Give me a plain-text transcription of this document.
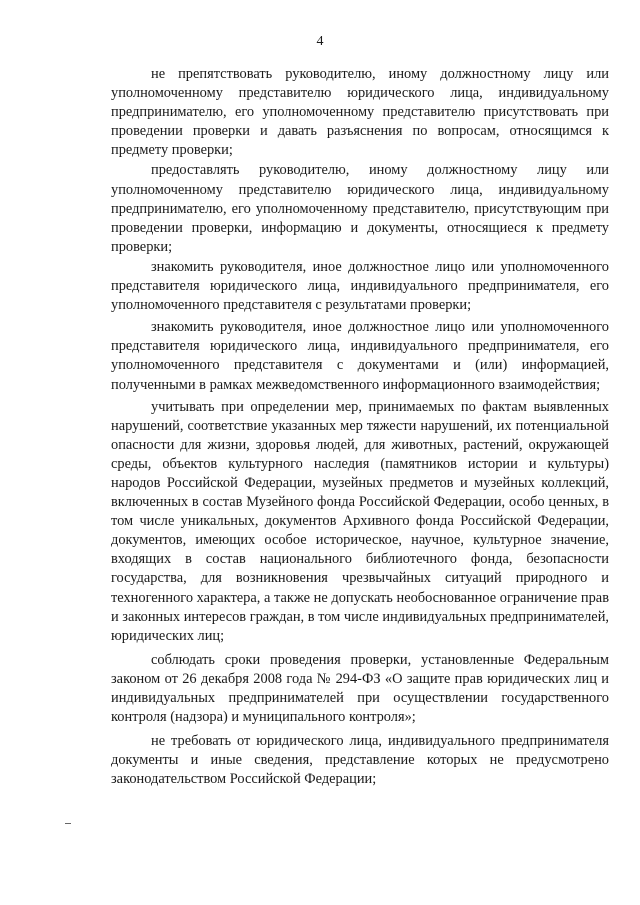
4

не препятствовать руководителю, иному должностному лицу или уполномоченному представителю юридического лица, индивидуальному предпринимателю, его уполномоченному представителю присутствовать при проведении проверки и давать разъяснения по вопросам, относящимся к предмету проверки;

предоставлять руководителю, иному должностному лицу или уполномоченному представителю юридического лица, индивидуальному предпринимателю, его уполномоченному представителю, присутствующим при проведении проверки, информацию и документы, относящиеся к предмету проверки;

знакомить руководителя, иное должностное лицо или уполномоченного представителя юридического лица, индивидуального предпринимателя, его уполномоченного представителя с результатами проверки;

знакомить руководителя, иное должностное лицо или уполномоченного представителя юридического лица, индивидуального предпринимателя, его уполномоченного представителя с документами и (или) информацией, полученными в рамках межведомственного информационного взаимодействия;

учитывать при определении мер, принимаемых по фактам выявленных нарушений, соответствие указанных мер тяжести нарушений, их потенциальной опасности для жизни, здоровья людей, для животных, растений, окружающей среды, объектов культурного наследия (памятников истории и культуры) народов Российской Федерации, музейных предметов и музейных коллекций, включенных в состав Музейного фонда Российской Федерации, особо ценных, в том числе уникальных, документов Архивного фонда Российской Федерации, документов, имеющих особое историческое, научное, культурное значение, входящих в состав национального библиотечного фонда, безопасности государства, для возникновения чрезвычайных ситуаций природного и техногенного характера, а также не допускать необоснованное ограничение прав и законных интересов граждан, в том числе индивидуальных предпринимателей, юридических лиц;

соблюдать сроки проведения проверки, установленные Федеральным законом от 26 декабря 2008 года № 294-ФЗ «О защите прав юридических лиц и индивидуальных предпринимателей при осуществлении государственного контроля (надзора) и муниципального контроля»;

не требовать от юридического лица, индивидуального предпринимателя документы и иные сведения, представление которых не предусмотрено законодательством Российской Федерации;
